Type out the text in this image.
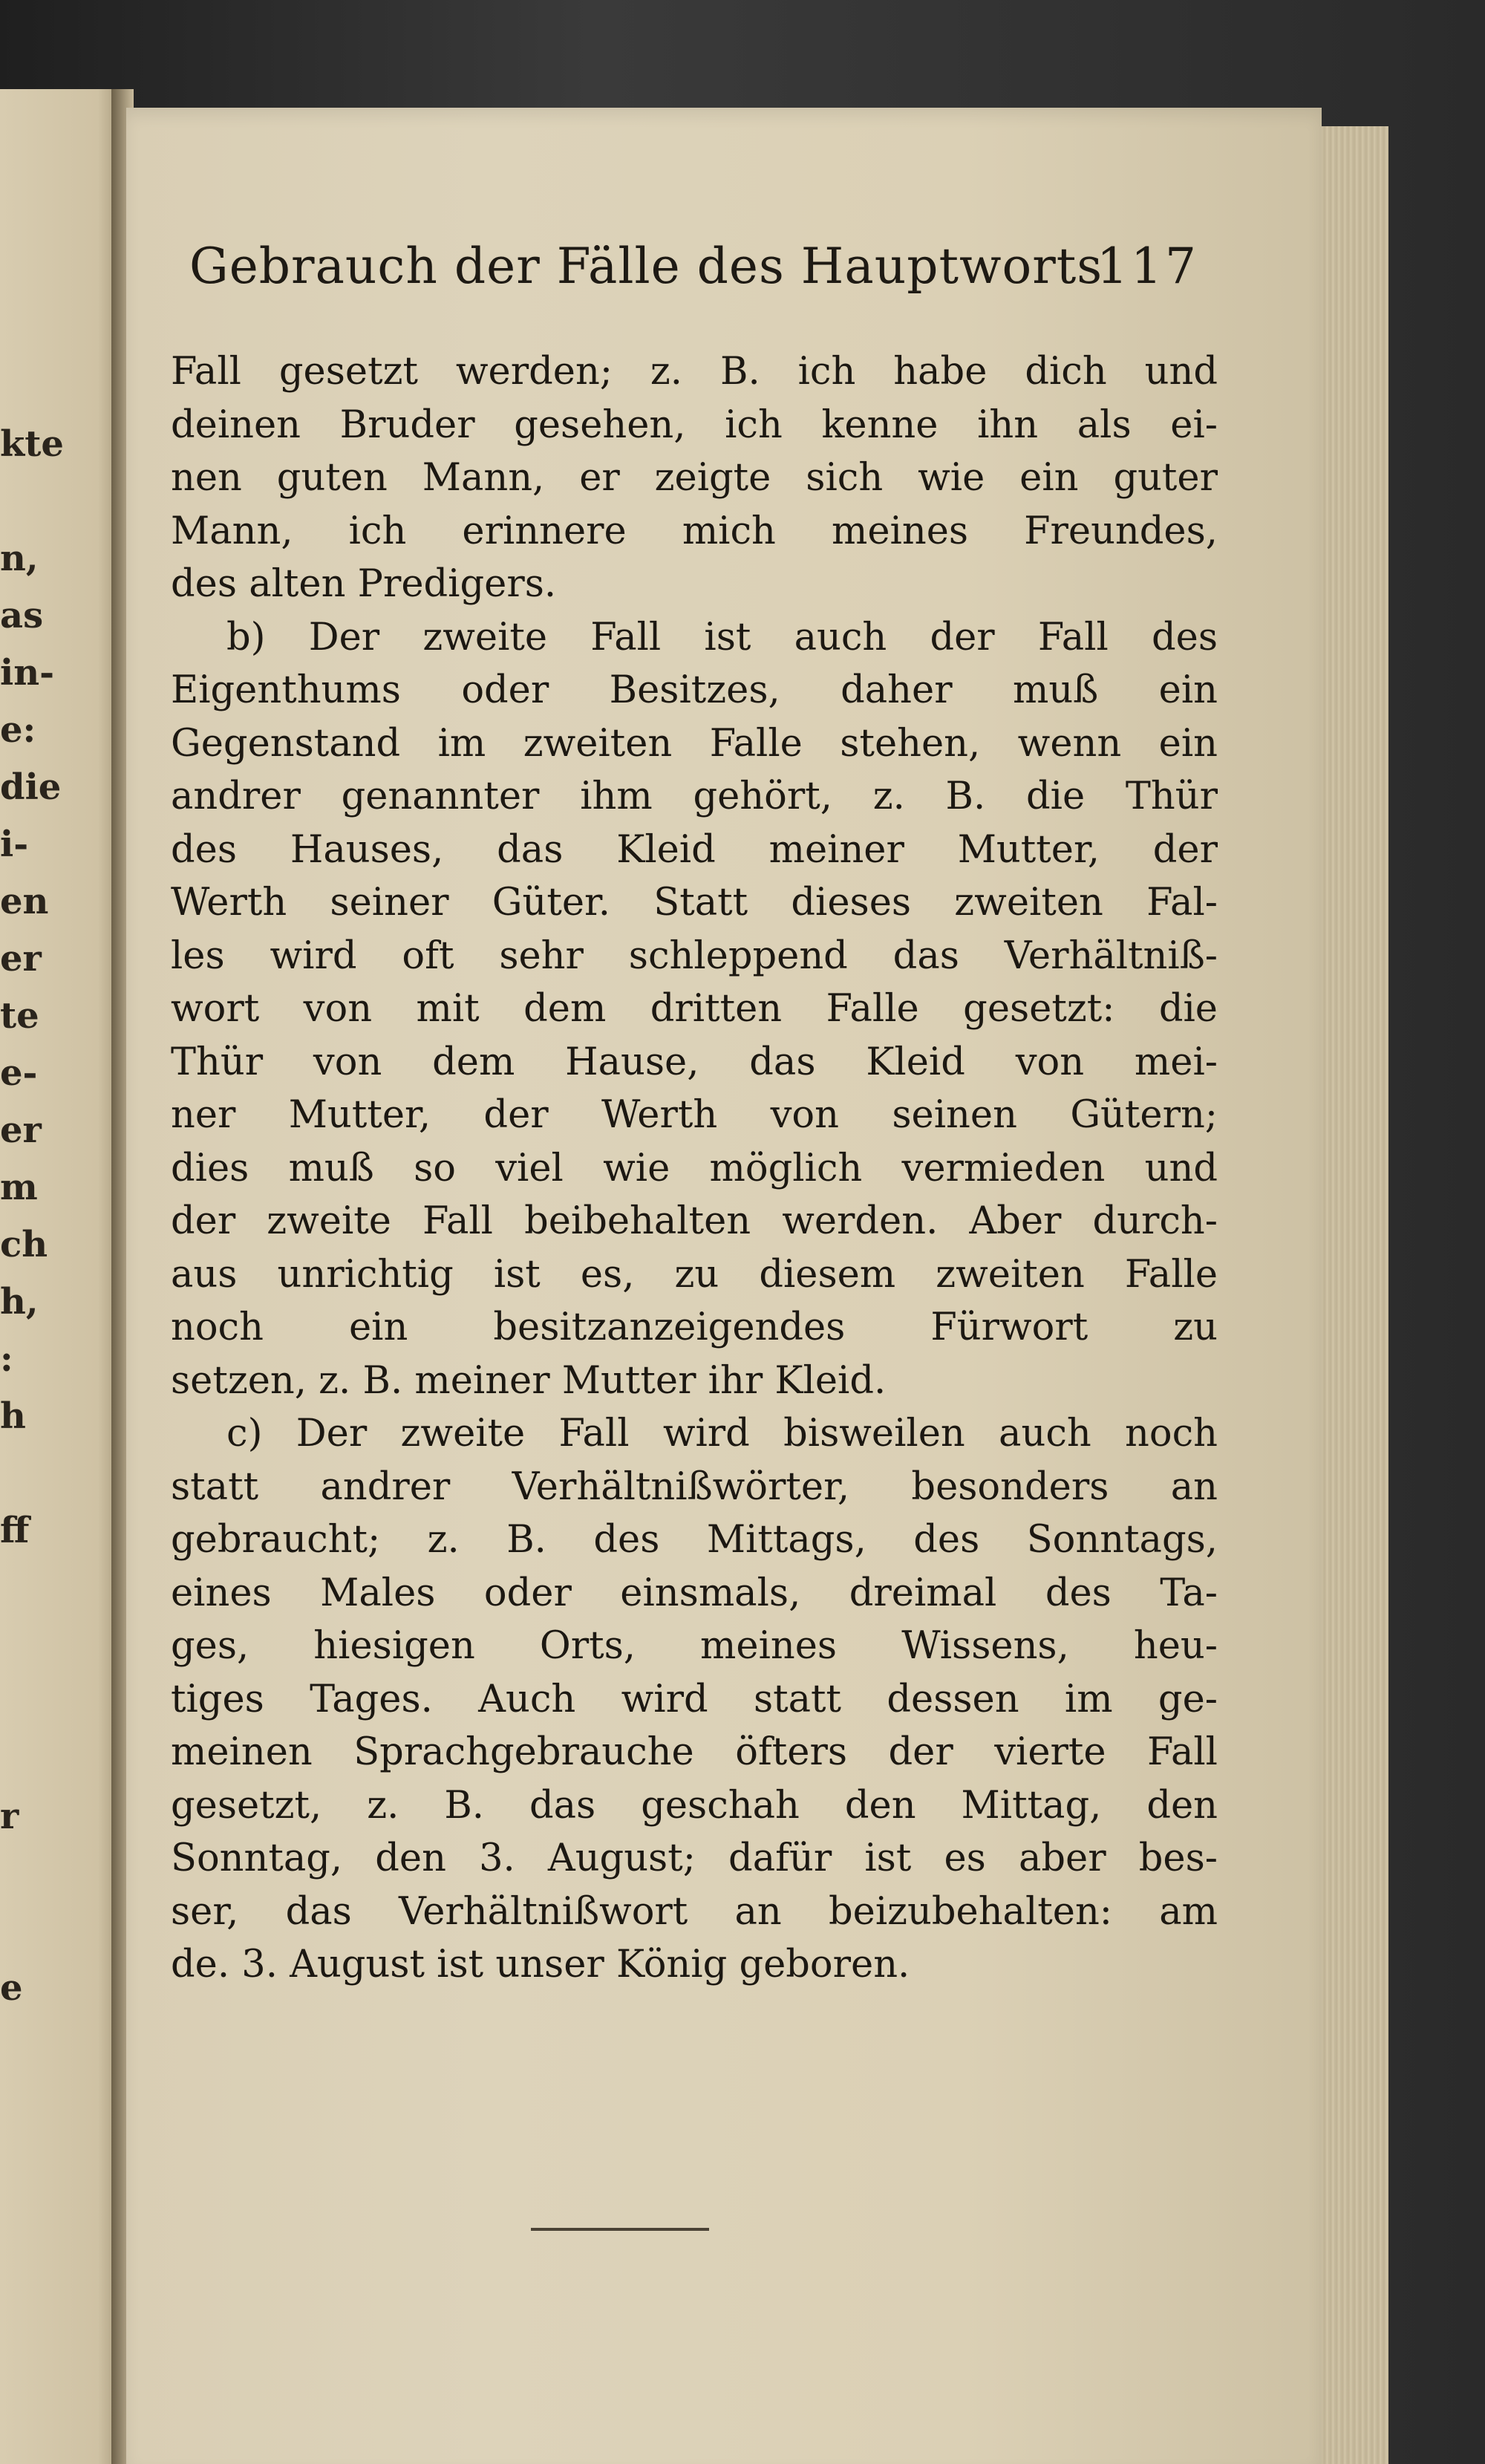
kte
n,
as
in-
e:
die
i-
en
er
te
e-
er
m
ch
h,
:
h
ff
r
e
Gebrauch der Fälle des Hauptworts
117
Fall gesetzt werden; z. B. ich habe dich und
deinen Bruder gesehen, ich kenne ihn als ei-
nen guten Mann, er zeigte sich wie ein guter
Mann, ich erinnere mich meines Freundes,
des alten Predigers.
b) Der zweite Fall ist auch der Fall des
Eigenthums oder Besitzes, daher muß ein
Gegenstand im zweiten Falle stehen, wenn ein
andrer genannter ihm gehört, z. B. die Thür
des Hauses, das Kleid meiner Mutter, der
Werth seiner Güter. Statt dieses zweiten Fal-
les wird oft sehr schleppend das Verhältniß-
wort von mit dem dritten Falle gesetzt: die
Thür von dem Hause, das Kleid von mei-
ner Mutter, der Werth von seinen Gütern;
dies muß so viel wie möglich vermieden und
der zweite Fall beibehalten werden. Aber durch-
aus unrichtig ist es, zu diesem zweiten Falle
noch ein besitzanzeigendes Fürwort zu
setzen, z. B. meiner Mutter ihr Kleid.
c) Der zweite Fall wird bisweilen auch noch
statt andrer Verhältnißwörter, besonders an
gebraucht; z. B. des Mittags, des Sonntags,
eines Males oder einsmals, dreimal des Ta-
ges, hiesigen Orts, meines Wissens, heu-
tiges Tages. Auch wird statt dessen im ge-
meinen Sprachgebrauche öfters der vierte Fall
gesetzt, z. B. das geschah den Mittag, den
Sonntag, den 3. August; dafür ist es aber bes-
ser, das Verhältnißwort an beizubehalten: am
de. 3. August ist unser König geboren.
